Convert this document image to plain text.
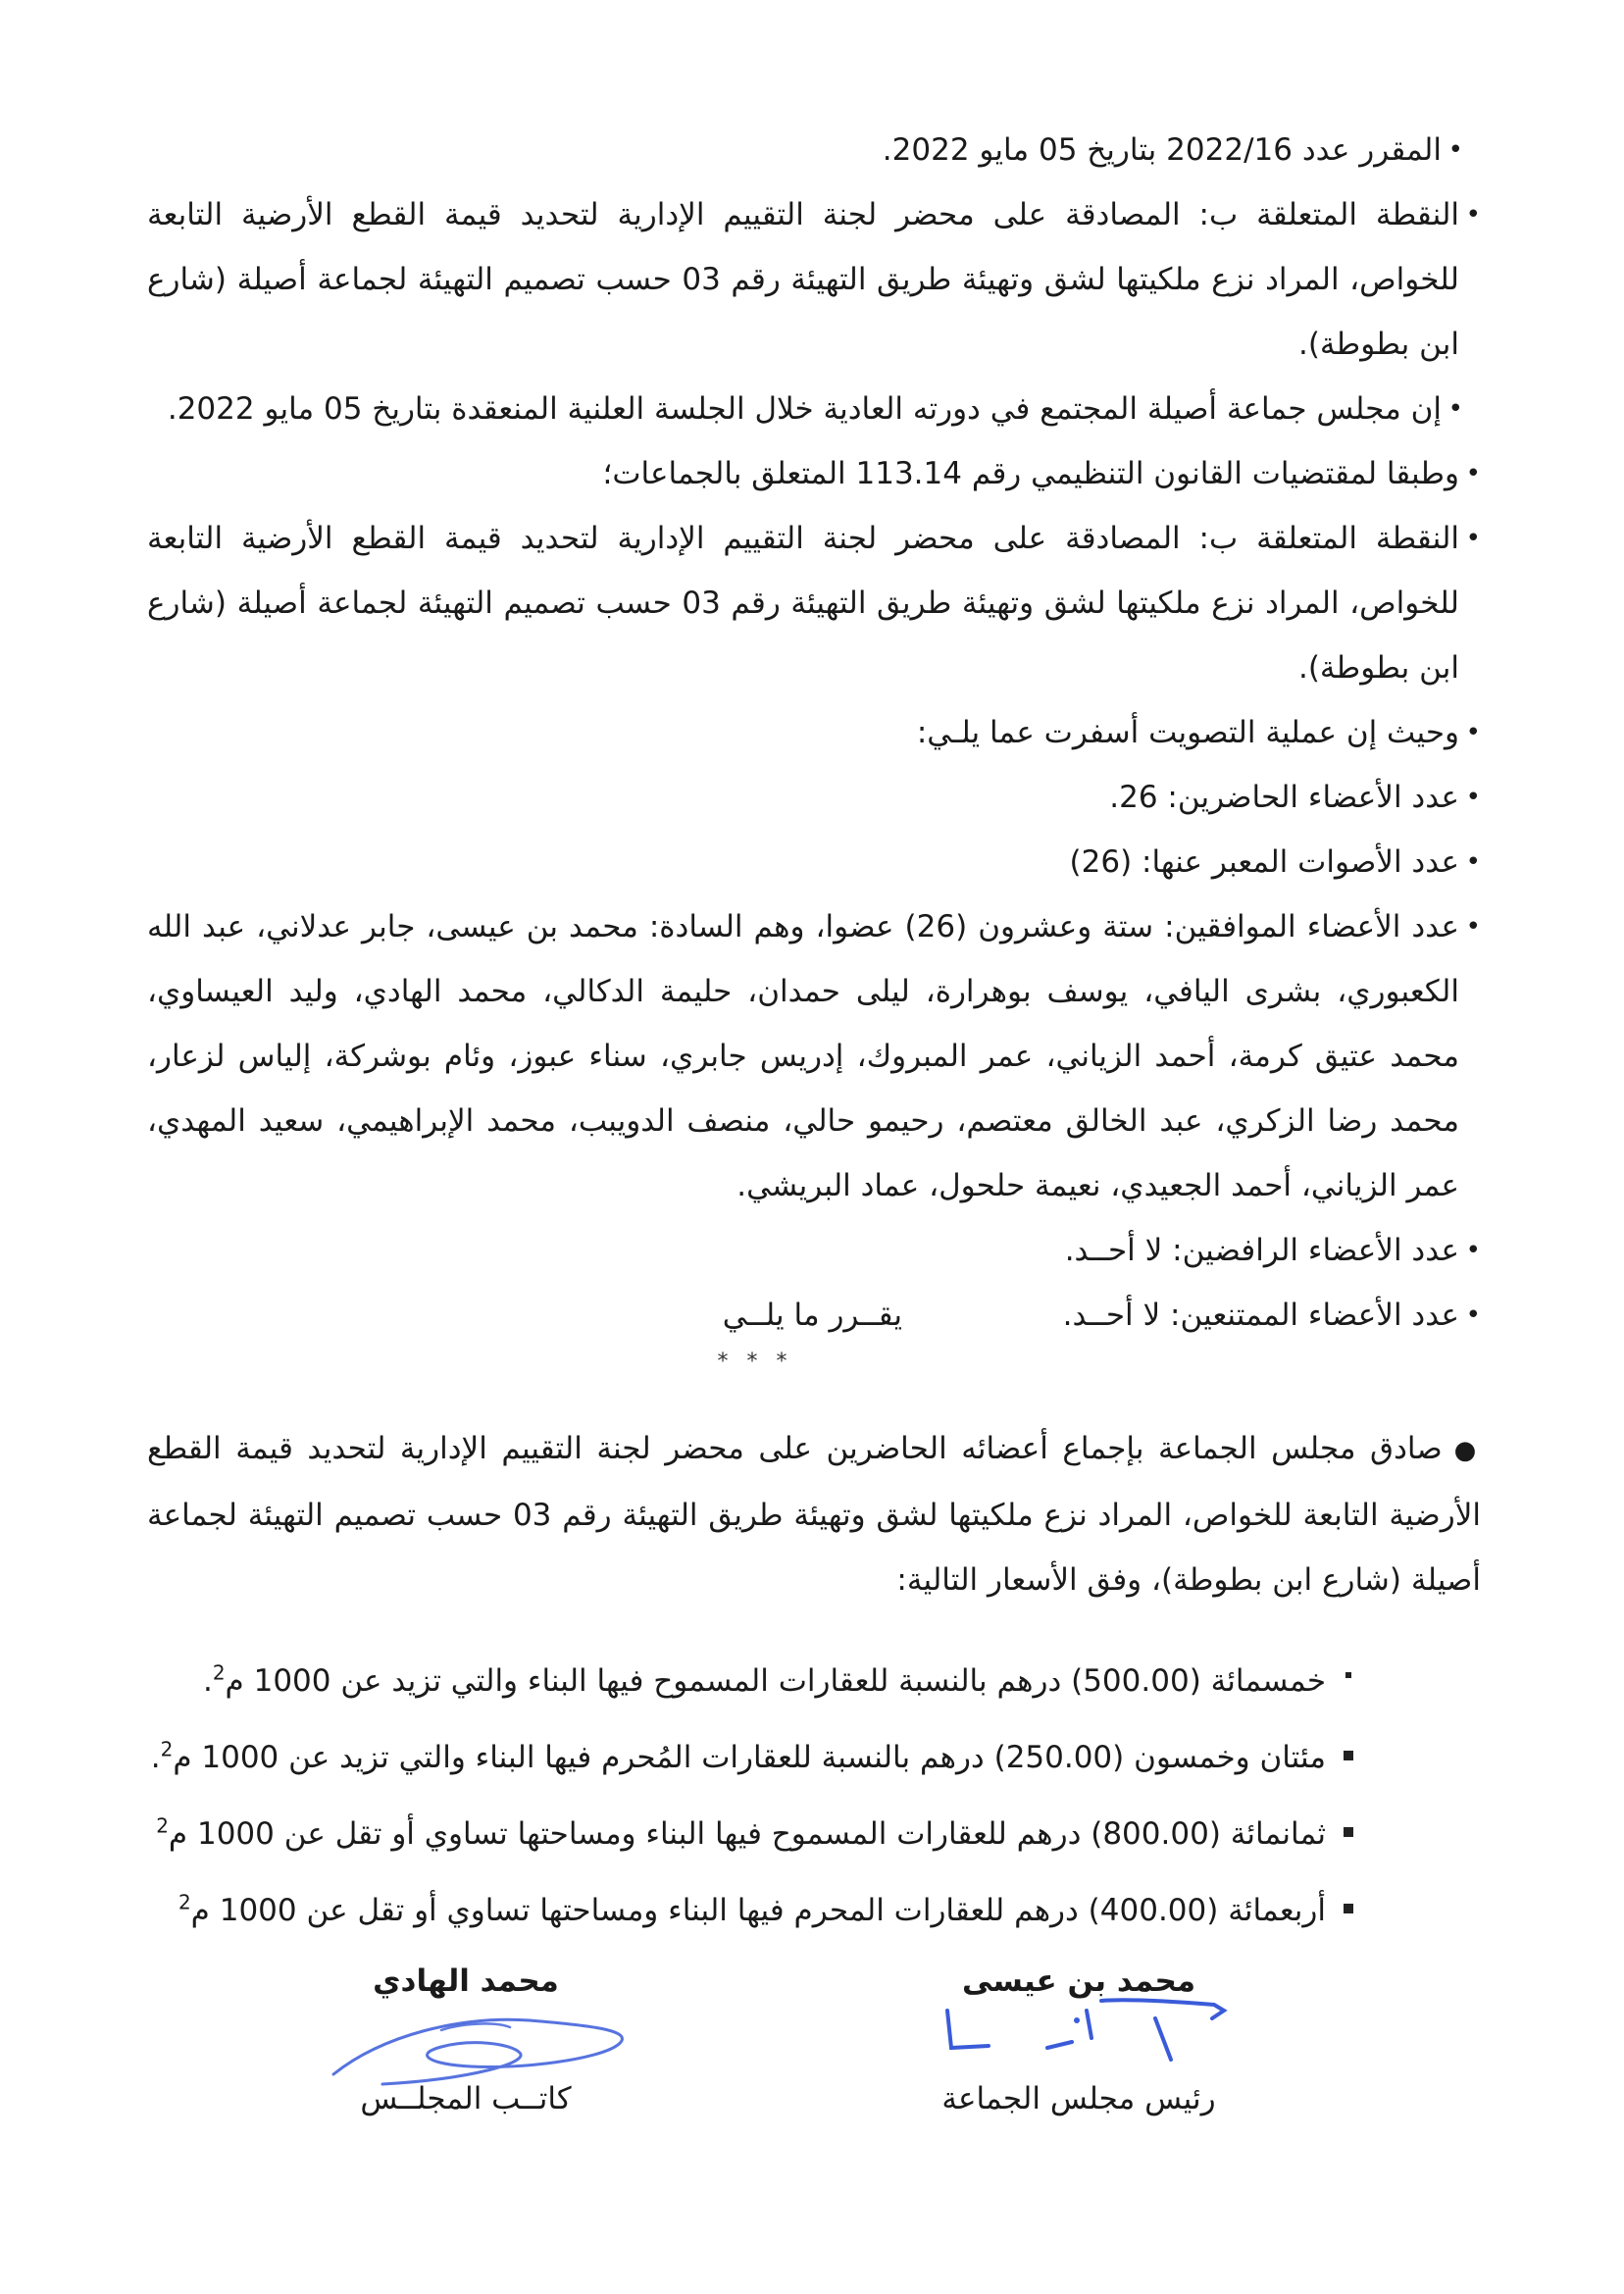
• المقرر عدد 2022/16 بتاريخ 05 مايو 2022.

• النقطة المتعلقة ب: المصادقة على محضر لجنة التقييم الإدارية لتحديد قيمة القطع الأرضية التابعة للخواص، المراد نزع ملكيتها لشق وتهيئة طريق التهيئة رقم 03 حسب تصميم التهيئة لجماعة أصيلة (شارع ابن بطوطة).

• إن مجلس جماعة أصيلة المجتمع في دورته العادية خلال الجلسة العلنية المنعقدة بتاريخ 05 مايو 2022.

• وطبقا لمقتضيات القانون التنظيمي رقم 113.14 المتعلق بالجماعات؛

• النقطة المتعلقة ب: المصادقة على محضر لجنة التقييم الإدارية لتحديد قيمة القطع الأرضية التابعة للخواص، المراد نزع ملكيتها لشق وتهيئة طريق التهيئة رقم 03 حسب تصميم التهيئة لجماعة أصيلة (شارع ابن بطوطة).

• وحيث إن عملية التصويت أسفرت عما يلـي:

• عدد الأعضاء الحاضرين: 26.

• عدد الأصوات المعبر عنها: (26)

• عدد الأعضاء الموافقين: ستة وعشرون (26) عضوا، وهم السادة: محمد بن عيسى، جابر عدلاني، عبد الله الكعبوري، بشرى اليافي، يوسف بوهرارة، ليلى حمدان، حليمة الدكالي، محمد الهادي، وليد العيساوي، محمد عتيق كرمة، أحمد الزياني، عمر المبروك، إدريس جابري، سناء عبوز، وئام بوشركة، إلياس لزعار، محمد رضا الزكري، عبد الخالق معتصم، رحيمو حالي، منصف الدويبب، محمد الإبراهيمي، سعيد المهدي، عمر الزياني، أحمد الجعيدي، نعيمة حلحول، عماد البريشي.

• عدد الأعضاء الرافضين: لا أحــد.

• عدد الأعضاء الممتنعين: لا أحــد.

يقــرر ما يلــي
* * *

●صادق مجلس الجماعة بإجماع أعضائه الحاضرين على محضر لجنة التقييم الإدارية لتحديد قيمة القطع الأرضية التابعة للخواص، المراد نزع ملكيتها لشق وتهيئة طريق التهيئة رقم 03 حسب تصميم التهيئة لجماعة أصيلة (شارع ابن بطوطة)، وفق الأسعار التالية:

خمسمائة (500.00) درهم بالنسبة للعقارات المسموح فيها البناء والتي تزيد عن 1000 م$^2$.
مئتان وخمسون (250.00) درهم بالنسبة للعقارات المُحرم فيها البناء والتي تزيد عن 1000 م$^2$.
ثمانمائة (800.00) درهم للعقارات المسموح فيها البناء ومساحتها تساوي أو تقل عن 1000 م$^2$
أربعمائة (400.00) درهم للعقارات المحرم فيها البناء ومساحتها تساوي أو تقل عن 1000 م$^2$
محمد بن عيسى
رئيس مجلس الجماعة
محمد الهادي
كاتــب المجلــس
